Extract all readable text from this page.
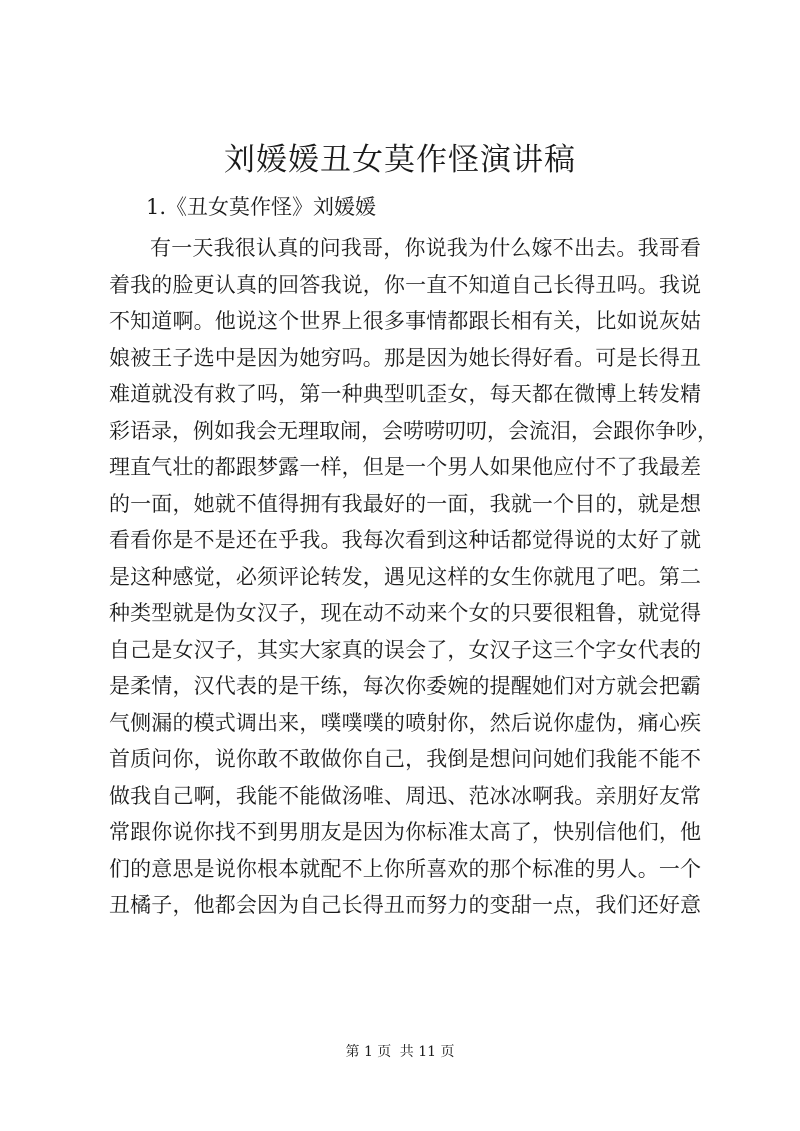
刘媛媛丑女莫作怪演讲稿
1.《丑女莫作怪》刘媛媛
有一天我很认真的问我哥，你说我为什么嫁不出去。我哥看
着我的脸更认真的回答我说，你一直不知道自己长得丑吗。我说
不知道啊。他说这个世界上很多事情都跟长相有关，比如说灰姑
娘被王子选中是因为她穷吗。那是因为她长得好看。可是长得丑
难道就没有救了吗，第一种典型叽歪女，每天都在微博上转发精
彩语录，例如我会无理取闹，会唠唠叨叨，会流泪，会跟你争吵，
理直气壮的都跟梦露一样，但是一个男人如果他应付不了我最差
的一面，她就不值得拥有我最好的一面，我就一个目的，就是想
看看你是不是还在乎我。我每次看到这种话都觉得说的太好了就
是这种感觉，必须评论转发，遇见这样的女生你就甩了吧。第二
种类型就是伪女汉子，现在动不动来个女的只要很粗鲁，就觉得
自己是女汉子，其实大家真的误会了，女汉子这三个字女代表的
是柔情，汉代表的是干练，每次你委婉的提醒她们对方就会把霸
气侧漏的模式调出来，噗噗噗的喷射你，然后说你虚伪，痛心疾
首质问你，说你敢不敢做你自己，我倒是想问问她们我能不能不
做我自己啊，我能不能做汤唯、周迅、范冰冰啊我。亲朋好友常
常跟你说你找不到男朋友是因为你标准太高了，快别信他们，他
们的意思是说你根本就配不上你所喜欢的那个标准的男人。一个
丑橘子，他都会因为自己长得丑而努力的变甜一点，我们还好意
第 1 页 共 11 页
